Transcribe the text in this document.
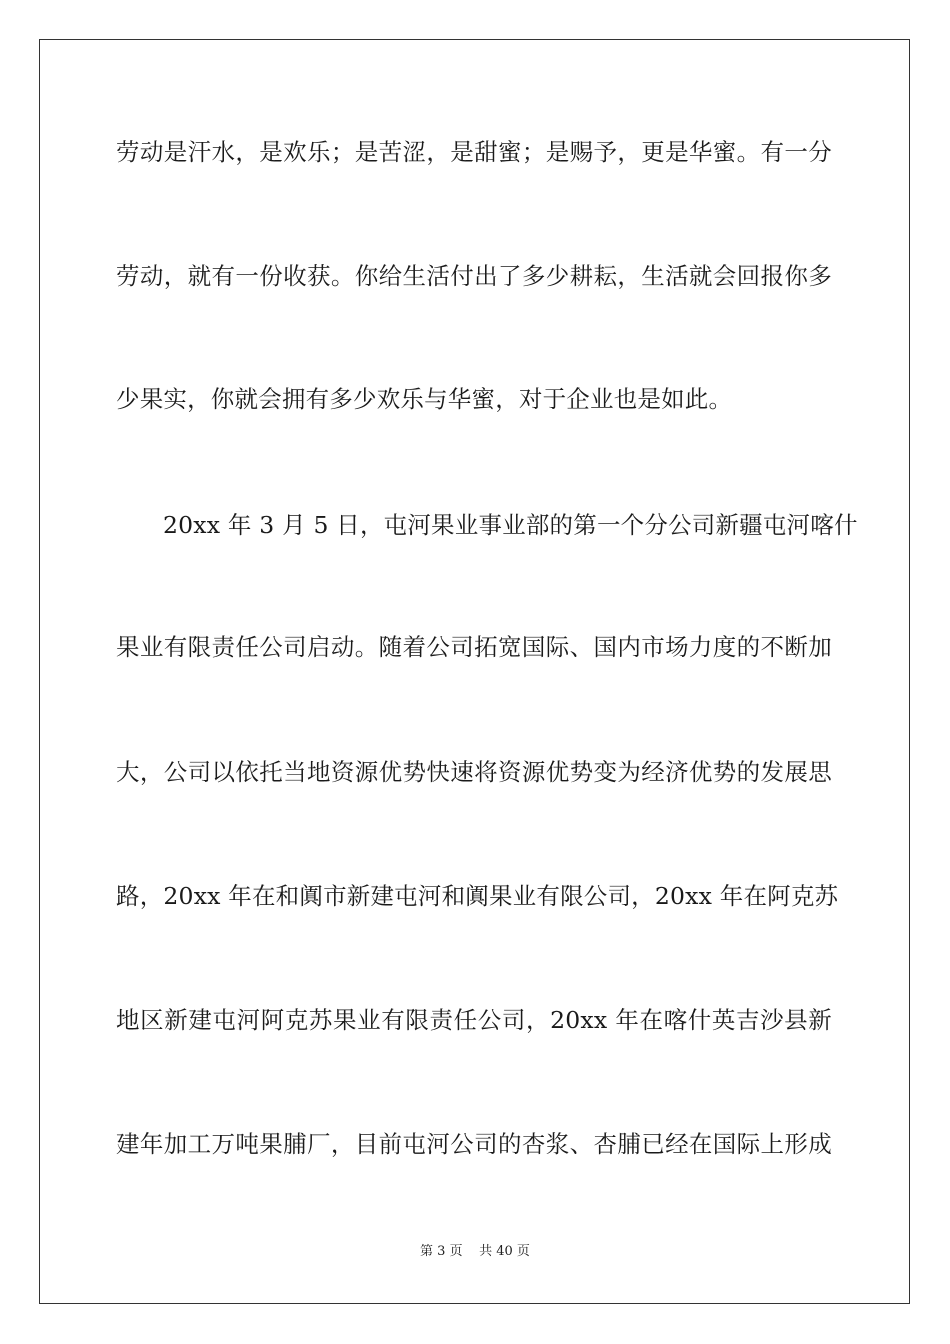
劳动是汗水，是欢乐；是苦涩，是甜蜜；是赐予，更是华蜜。有一分
劳动，就有一份收获。你给生活付出了多少耕耘，生活就会回报你多
少果实，你就会拥有多少欢乐与华蜜，对于企业也是如此。
20xx 年 3 月 5 日，屯河果业事业部的第一个分公司新疆屯河喀什
果业有限责任公司启动。随着公司拓宽国际、国内市场力度的不断加
大，公司以依托当地资源优势快速将资源优势变为经济优势的发展思
路，20xx 年在和阗市新建屯河和阗果业有限公司，20xx 年在阿克苏
地区新建屯河阿克苏果业有限责任公司，20xx 年在喀什英吉沙县新
建年加工万吨果脯厂，目前屯河公司的杏浆、杏脯已经在国际上形成
第 3 页 共 40 页
